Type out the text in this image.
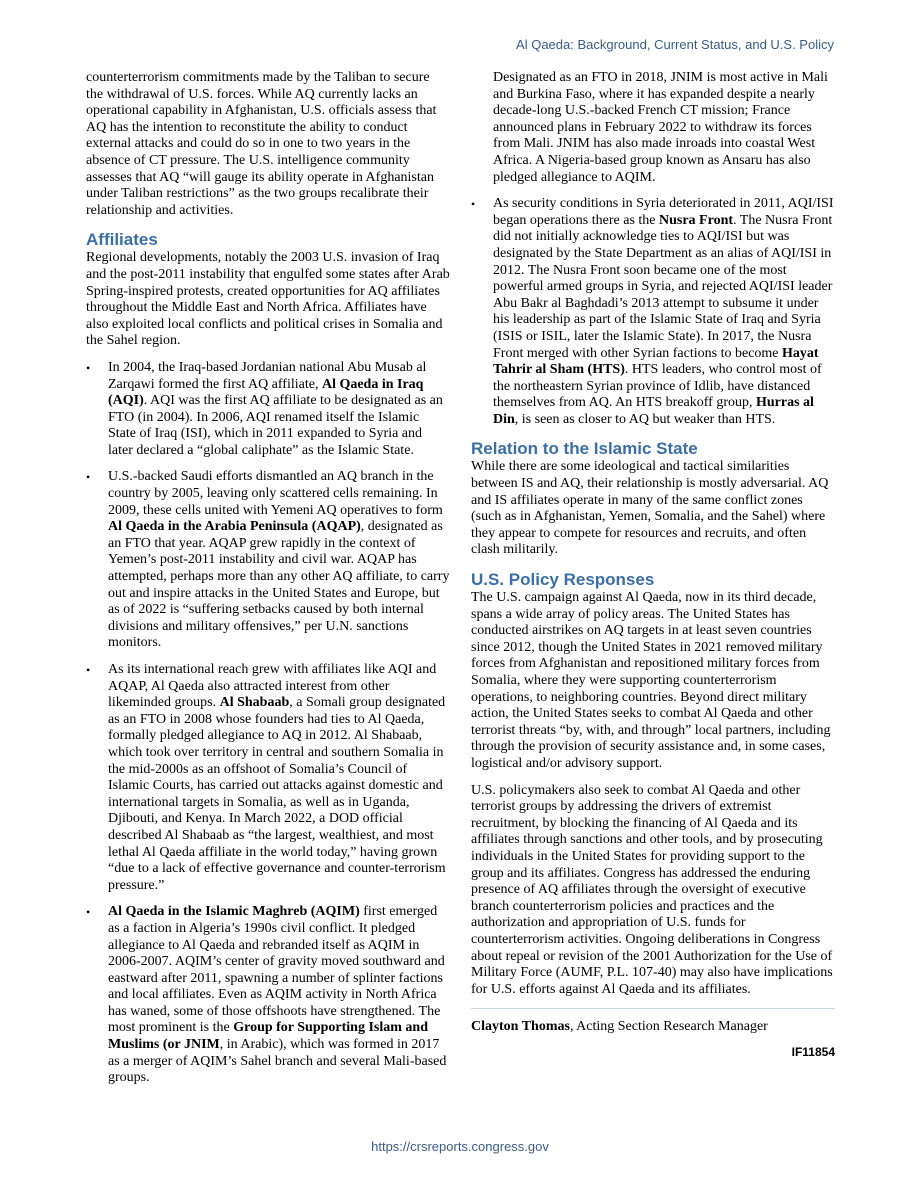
Al Qaeda: Background, Current Status, and U.S. Policy

counterterrorism commitments made by the Taliban to secure the withdrawal of U.S. forces. While AQ currently lacks an operational capability in Afghanistan, U.S. officials assess that AQ has the intention to reconstitute the ability to conduct external attacks and could do so in one to two years in the absence of CT pressure. The U.S. intelligence community assesses that AQ “will gauge its ability operate in Afghanistan under Taliban restrictions” as the two groups recalibrate their relationship and activities.

Affiliates

Regional developments, notably the 2003 U.S. invasion of Iraq and the post-2011 instability that engulfed some states after Arab Spring-inspired protests, created opportunities for AQ affiliates throughout the Middle East and North Africa. Affiliates have also exploited local conflicts and political crises in Somalia and the Sahel region.

• In 2004, the Iraq-based Jordanian national Abu Musab al Zarqawi formed the first AQ affiliate, Al Qaeda in Iraq (AQI). AQI was the first AQ affiliate to be designated as an FTO (in 2004). In 2006, AQI renamed itself the Islamic State of Iraq (ISI), which in 2011 expanded to Syria and later declared a “global caliphate” as the Islamic State.
• U.S.-backed Saudi efforts dismantled an AQ branch in the country by 2005, leaving only scattered cells remaining. In 2009, these cells united with Yemeni AQ operatives to form Al Qaeda in the Arabia Peninsula (AQAP), designated as an FTO that year. AQAP grew rapidly in the context of Yemen’s post-2011 instability and civil war. AQAP has attempted, perhaps more than any other AQ affiliate, to carry out and inspire attacks in the United States and Europe, but as of 2022 is “suffering setbacks caused by both internal divisions and military offensives,” per U.N. sanctions monitors.
• As its international reach grew with affiliates like AQI and AQAP, Al Qaeda also attracted interest from other likeminded groups. Al Shabaab, a Somali group designated as an FTO in 2008 whose founders had ties to Al Qaeda, formally pledged allegiance to AQ in 2012. Al Shabaab, which took over territory in central and southern Somalia in the mid-2000s as an offshoot of Somalia’s Council of Islamic Courts, has carried out attacks against domestic and international targets in Somalia, as well as in Uganda, Djibouti, and Kenya. In March 2022, a DOD official described Al Shabaab as “the largest, wealthiest, and most lethal Al Qaeda affiliate in the world today,” having grown “due to a lack of effective governance and counter-terrorism pressure.”
• Al Qaeda in the Islamic Maghreb (AQIM) first emerged as a faction in Algeria’s 1990s civil conflict. It pledged allegiance to Al Qaeda and rebranded itself as AQIM in 2006-2007. AQIM’s center of gravity moved southward and eastward after 2011, spawning a number of splinter factions and local affiliates. Even as AQIM activity in North Africa has waned, some of those offshoots have strengthened. The most prominent is the Group for Supporting Islam and Muslims (or JNIM, in Arabic), which was formed in 2017 as a merger of AQIM’s Sahel branch and several Mali-based groups.

Designated as an FTO in 2018, JNIM is most active in Mali and Burkina Faso, where it has expanded despite a nearly decade-long U.S.-backed French CT mission; France announced plans in February 2022 to withdraw its forces from Mali. JNIM has also made inroads into coastal West Africa. A Nigeria-based group known as Ansaru has also pledged allegiance to AQIM.

• As security conditions in Syria deteriorated in 2011, AQI/ISI began operations there as the Nusra Front. The Nusra Front did not initially acknowledge ties to AQI/ISI but was designated by the State Department as an alias of AQI/ISI in 2012. The Nusra Front soon became one of the most powerful armed groups in Syria, and rejected AQI/ISI leader Abu Bakr al Baghdadi’s 2013 attempt to subsume it under his leadership as part of the Islamic State of Iraq and Syria (ISIS or ISIL, later the Islamic State). In 2017, the Nusra Front merged with other Syrian factions to become Hayat Tahrir al Sham (HTS). HTS leaders, who control most of the northeastern Syrian province of Idlib, have distanced themselves from AQ. An HTS breakoff group, Hurras al Din, is seen as closer to AQ but weaker than HTS.
Relation to the Islamic State

While there are some ideological and tactical similarities between IS and AQ, their relationship is mostly adversarial. AQ and IS affiliates operate in many of the same conflict zones (such as in Afghanistan, Yemen, Somalia, and the Sahel) where they appear to compete for resources and recruits, and often clash militarily.

U.S. Policy Responses

The U.S. campaign against Al Qaeda, now in its third decade, spans a wide array of policy areas. The United States has conducted airstrikes on AQ targets in at least seven countries since 2012, though the United States in 2021 removed military forces from Afghanistan and repositioned military forces from Somalia, where they were supporting counterterrorism operations, to neighboring countries. Beyond direct military action, the United States seeks to combat Al Qaeda and other terrorist threats “by, with, and through” local partners, including through the provision of security assistance and, in some cases, logistical and/or advisory support.

U.S. policymakers also seek to combat Al Qaeda and other terrorist groups by addressing the drivers of extremist recruitment, by blocking the financing of Al Qaeda and its affiliates through sanctions and other tools, and by prosecuting individuals in the United States for providing support to the group and its affiliates. Congress has addressed the enduring presence of AQ affiliates through the oversight of executive branch counterterrorism policies and practices and the authorization and appropriation of U.S. funds for counterterrorism activities. Ongoing deliberations in Congress about repeal or revision of the 2001 Authorization for the Use of Military Force (AUMF, P.L. 107-40) may also have implications for U.S. efforts against Al Qaeda and its affiliates.

Clayton Thomas, Acting Section Research Manager

IF11854
https://crsreports.congress.gov
